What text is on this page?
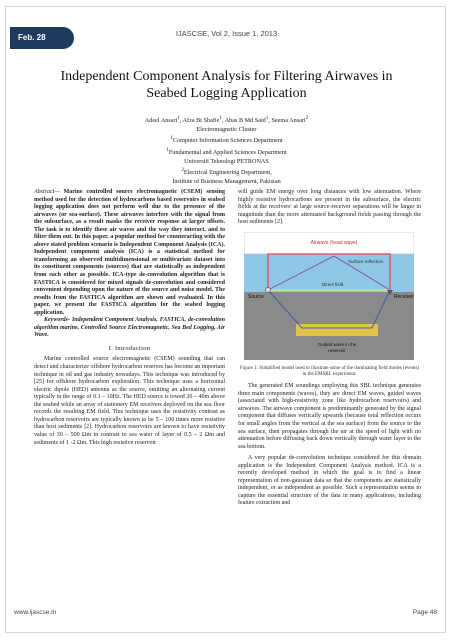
Feb. 28	IJASCSE, Vol 2, Issue 1, 2013
Independent Component Analysis for Filtering Airwaves in Seabed Logging Application
Adeel Ansari$^1$, Afza Bt Shafie$^1$, Abas B Md Said$^1$, Seema Ansari$^2$
Electromagnetic Cluster
$^1$Computer Information Sciences Department
$^1$Fundamental and Applied Sciences Department
Universiti Teknologi PETRONAS
$^2$Electrical Engineering Department,
Institute of Business Management, Pakistan

Abstract— Marine controlled source electromagnetic (CSEM) sensing method used for the detection of hydrocarbons based reservoirs in seabed logging application does not perform well due to the presence of the airwaves (or sea-surface). These airwaves interfere with the signal from the subsurface, as a result masks the receiver response at larger offsets. The task is to identify these air waves and the way they interact, and to filter them out. In this paper, a popular method for counteracting with the above stated problem scenario is Independent Component Analysis (ICA). Independent component analysis (ICA) is a statistical method for transforming an observed multidimensional or multivariate dataset into its constituent components (sources) that are statistically as independent from each other as possible. ICA-type de-convolution algorithm that is FASTICA is considered for mixed signals de-convolution and considered convenient depending upon the nature of the source and noise model. The results from the FASTICA algorithm are shown and evaluated. In this paper, we present the FASTICA algorithm for the seabed logging application.

Keywords- Independent Component Analysis, FASTICA, de-convolution algorithm marine, Controlled Source Electromagnetic, Sea Bed Logging, Air Wave.

I. Introduction

Marine controlled source electromagnetic (CSEM) sounding that can detect and characterize offshore hydrocarbon reserves has become an important technique in oil and gas industry nowadays. This technique was introduced by [25] for offshore hydrocarbon exploration. This technique uses a horizontal electric dipole (HED) antenna as the source, emitting an alternating current typically in the range of 0.1 – 10Hz. The HED source is towed 20 – 40m above the seabed while an array of stationery EM receivers deployed on the sea floor records the resulting EM field. This technique uses the resistivity contrast as hydrocarbon reservoirs are typically known to be 5 – 100 times more resistive than host sediments [2]. Hydrocarbon reservoirs are known to have resistivity value of 30 – 500 Ωm in contrast to sea water of layer of 0.5 – 2 Ωm and sediments of 1 -2 Ωm. This high resistive reservoir

will guide EM energy over long distances with low attenuation. Where highly resistive hydrocarbons are present in the subsurface, the electric fields at the receivers' at large source-receiver separations will be larger in magnitude than the more attenuated background fields passing through the host sediments [2].

Airwave (head wave)
Surface reflection
Direct field
Source	Receiver
Guided wave in the
reservoir

Figure 1: Simplified model used to illustrate some of the dominating field modes (events) in the EMSBL experiment.

The generated EM soundings employing this SBL technique generates three main components (waves), they are direct EM waves, guided waves (associated with high-resistivity zone like hydrocarbon reservoirs) and airwaves. The airwave component is predominantly generated by the signal component that diffuses vertically upwards (because total reflection occurs for small angles from the vertical at the sea surface) from the source to the sea surface, then propagates through the air at the speed of light with no attenuation before diffusing back down vertically through water layer to the sea bottom.

A very popular de-convolution technique considered for this domain application is the Independent Component Analysis method. ICA is a recently developed method in which the goal is to find a linear representation of non-gaussian data so that the components are statistically independent, or as independent as possible. Such a representation seems to capture the essential structure of the data in many applications, including feature extraction and

www.ijascse.in	Page 48
